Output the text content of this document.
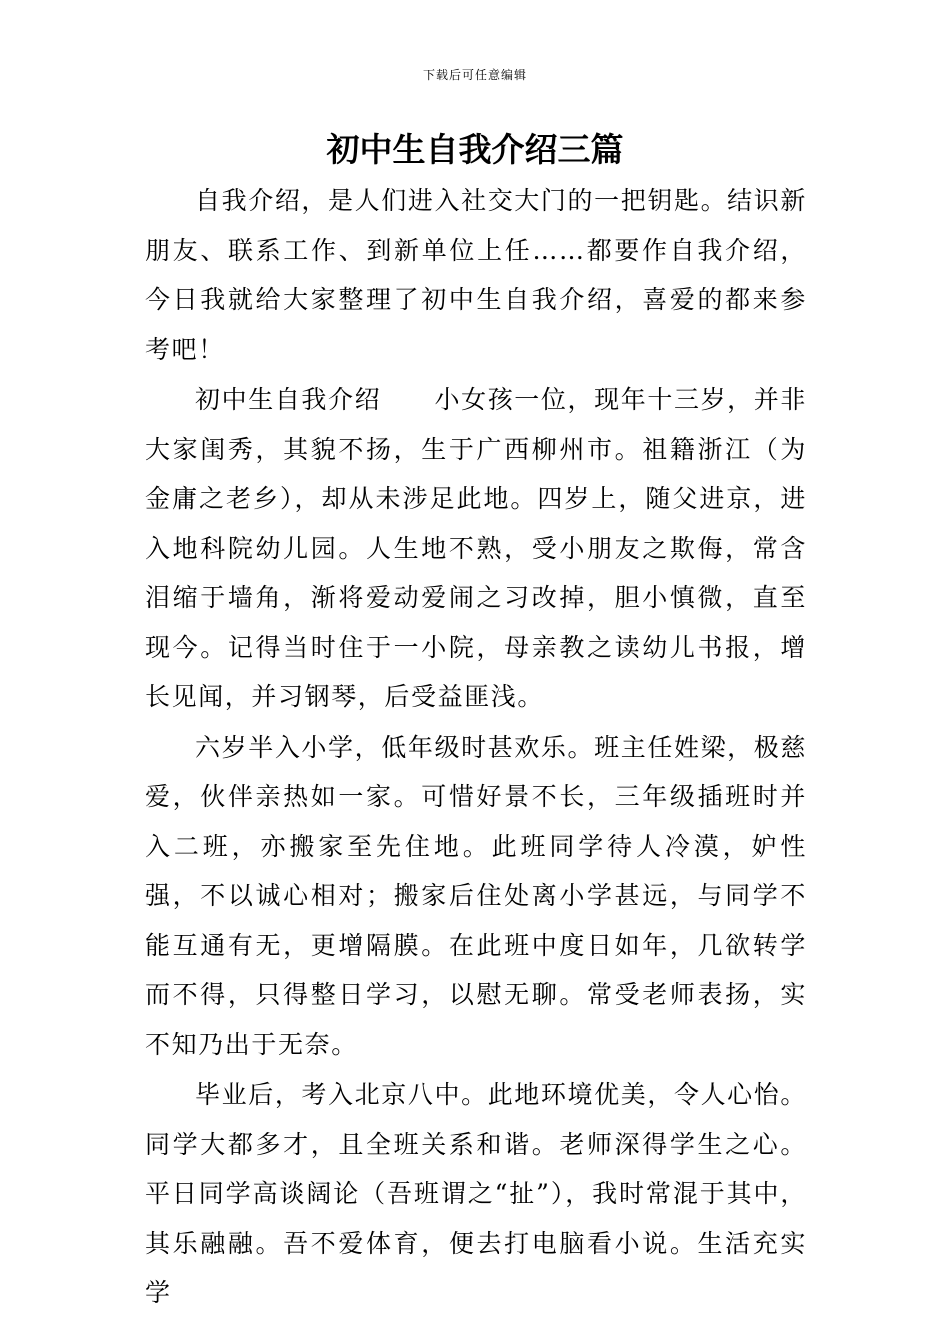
下载后可任意编辑
初中生自我介绍三篇

自我介绍，是人们进入社交大门的一把钥匙。结识新朋友、联系工作、到新单位上任……都要作自我介绍，今日我就给大家整理了初中生自我介绍，喜爱的都来参考吧！

初中生自我介绍　　小女孩一位，现年十三岁，并非大家闺秀，其貌不扬，生于广西柳州市。祖籍浙江（为金庸之老乡），却从未涉足此地。四岁上，随父进京，进入地科院幼儿园。人生地不熟，受小朋友之欺侮，常含泪缩于墙角，渐将爱动爱闹之习改掉，胆小慎微，直至现今。记得当时住于一小院，母亲教之读幼儿书报，增长见闻，并习钢琴，后受益匪浅。

六岁半入小学，低年级时甚欢乐。班主任姓梁，极慈爱，伙伴亲热如一家。可惜好景不长，三年级插班时并入二班，亦搬家至先住地。此班同学待人冷漠，妒性强，不以诚心相对；搬家后住处离小学甚远，与同学不能互通有无，更增隔膜。在此班中度日如年，几欲转学而不得，只得整日学习，以慰无聊。常受老师表扬，实不知乃出于无奈。

毕业后，考入北京八中。此地环境优美，令人心怡。同学大都多才，且全班关系和谐。老师深得学生之心。平日同学高谈阔论（吾班谓之“扯”），我时常混于其中，其乐融融。吾不爱体育，便去打电脑看小说。生活充实学
